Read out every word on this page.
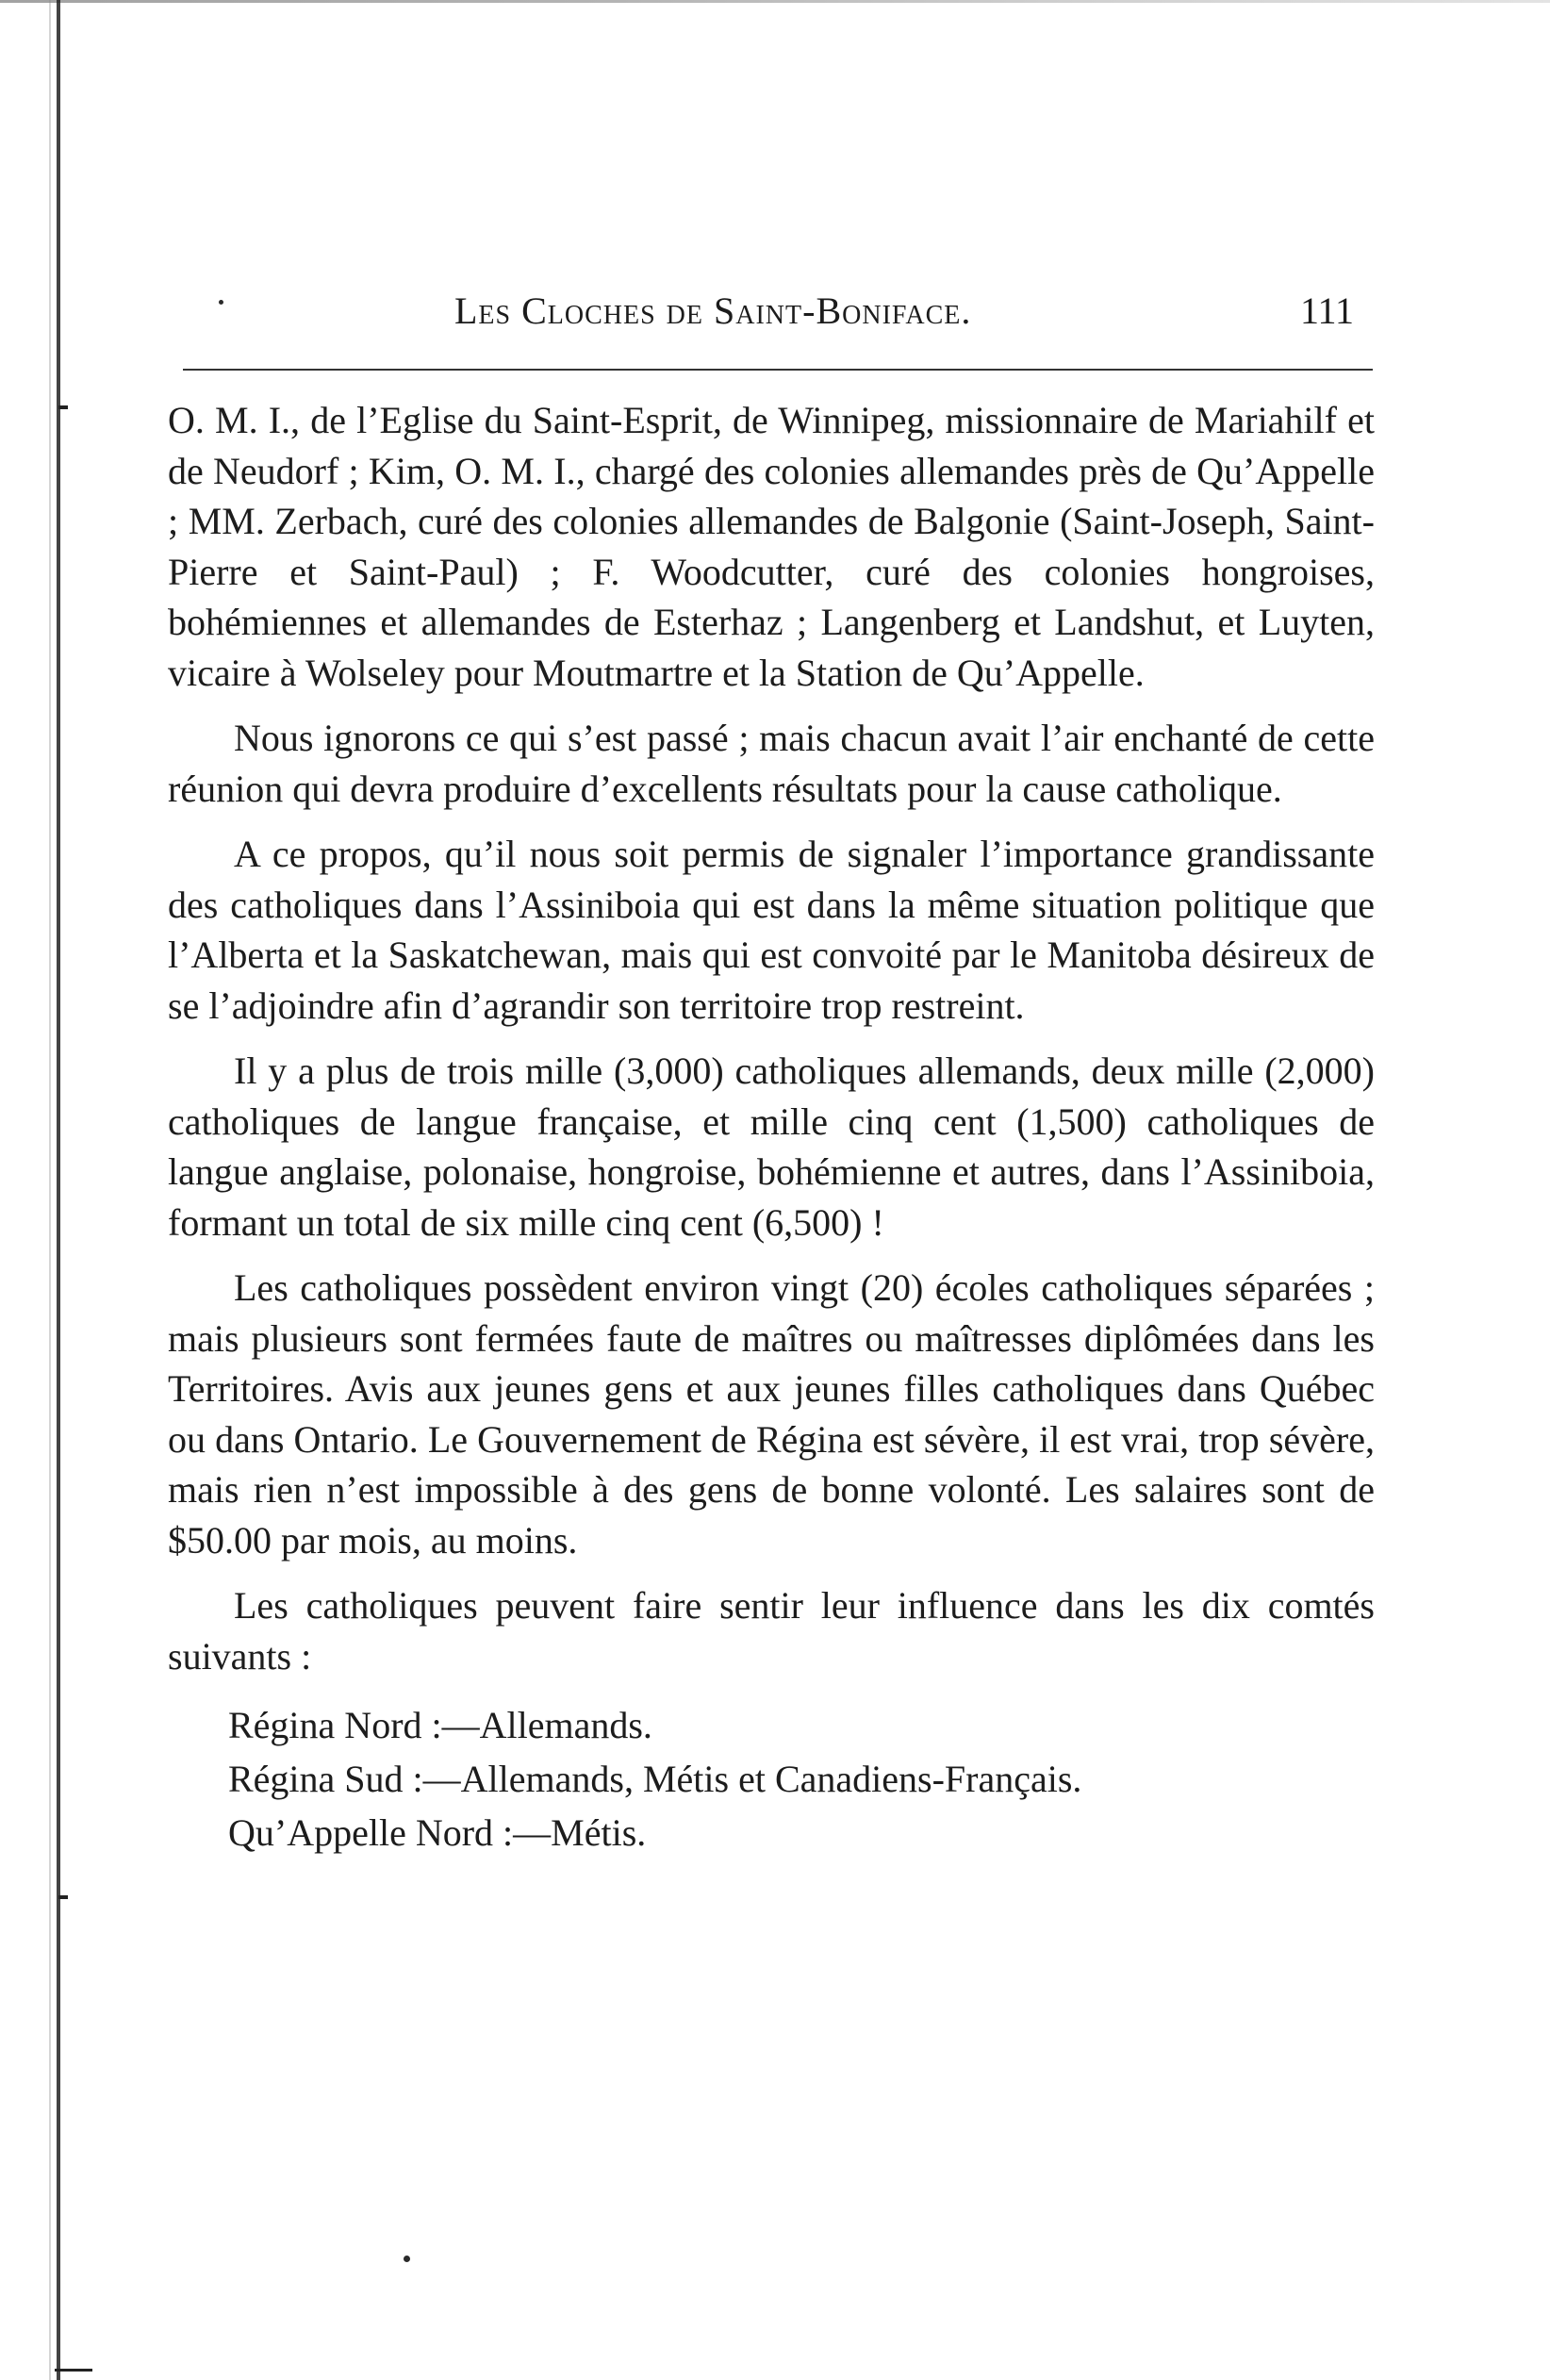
Les Cloches de Saint-Boniface.	111

O. M. I., de l’Eglise du Saint-Esprit, de Winnipeg, missionnaire de Mariahilf et de Neudorf ; Kim, O. M. I., chargé des colonies allemandes près de Qu’Appelle ; MM. Zerbach, curé des colonies allemandes de Balgonie (Saint-Joseph, Saint-Pierre et Saint-Paul) ; F. Woodcutter, curé des colonies hongroises, bohémiennes et allemandes de Esterhaz ; Langenberg et Landshut, et Luyten, vicaire à Wolseley pour Moutmartre et la Station de Qu’Appelle.

Nous ignorons ce qui s’est passé ; mais chacun avait l’air enchanté de cette réunion qui devra produire d’excellents résultats pour la cause catholique.

A ce propos, qu’il nous soit permis de signaler l’importance grandissante des catholiques dans l’Assiniboia qui est dans la même situation politique que l’Alberta et la Saskatchewan, mais qui est convoité par le Manitoba désireux de se l’adjoindre afin d’agrandir son territoire trop restreint.

Il y a plus de trois mille (3,000) catholiques allemands, deux mille (2,000) catholiques de langue française, et mille cinq cent (1,500) catholiques de langue anglaise, polonaise, hongroise, bohémienne et autres, dans l’Assiniboia, formant un total de six mille cinq cent (6,500) !

Les catholiques possèdent environ vingt (20) écoles catholiques séparées ; mais plusieurs sont fermées faute de maîtres ou maîtresses diplômées dans les Territoires. Avis aux jeunes gens et aux jeunes filles catholiques dans Québec ou dans Ontario. Le Gouvernement de Régina est sévère, il est vrai, trop sévère, mais rien n’est impossible à des gens de bonne volonté. Les salaires sont de $50.00 par mois, au moins.

Les catholiques peuvent faire sentir leur influence dans les dix comtés suivants :

Régina Nord :—Allemands.
Régina Sud :—Allemands, Métis et Canadiens-Français.
Qu’Appelle Nord :—Métis.
